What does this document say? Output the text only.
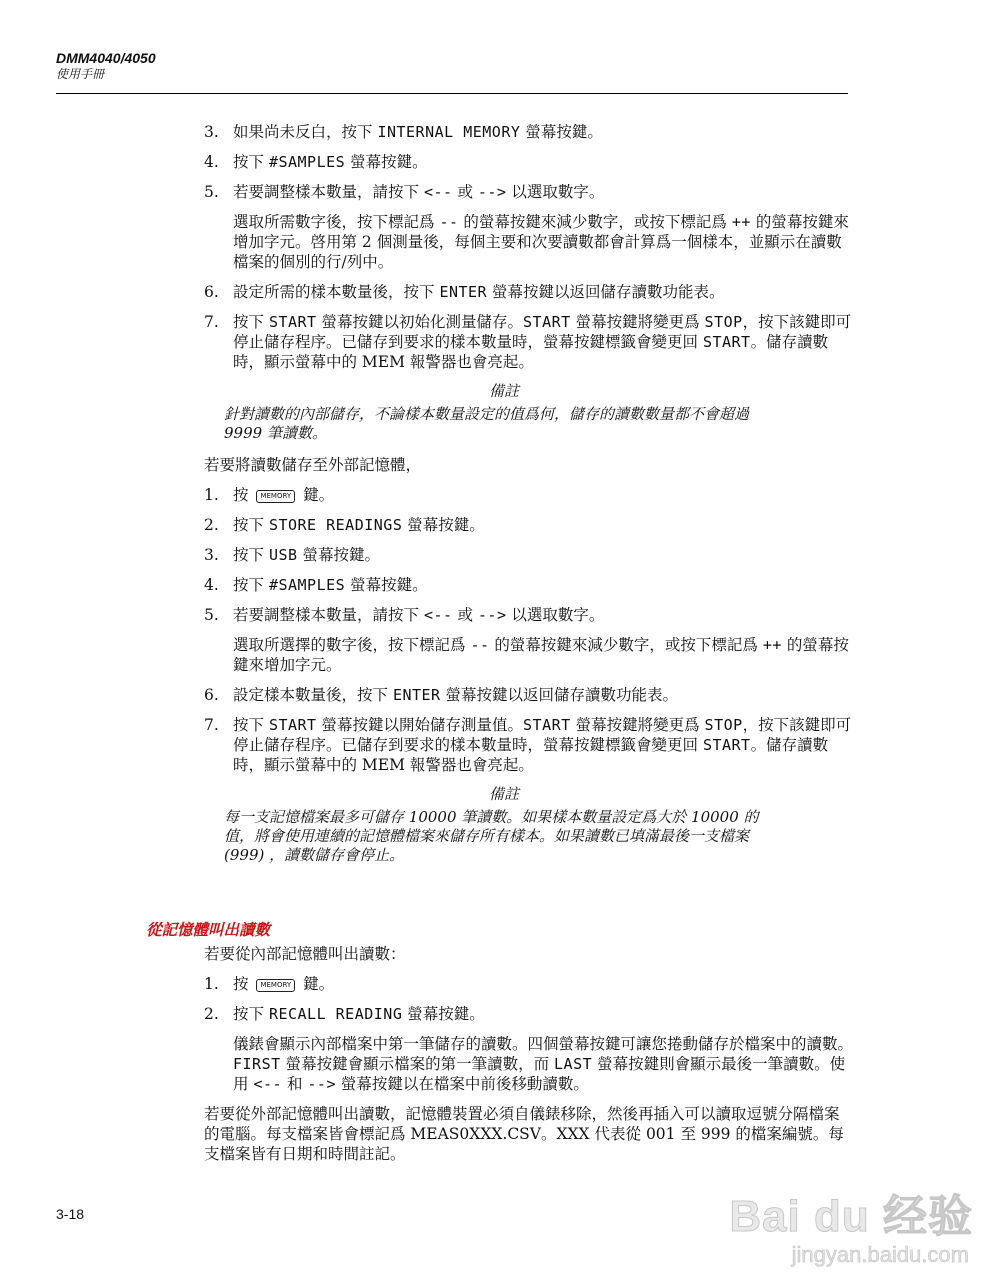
DMM4040/4050
使用手冊
3. 如果尚未反白，按下 INTERNAL MEMORY 螢幕按鍵。
4. 按下 #SAMPLES 螢幕按鍵。
5. 若要調整樣本數量，請按下 <-- 或 --> 以選取數字。
選取所需數字後，按下標記爲 -- 的螢幕按鍵來減少數字，或按下標記爲 ++ 的螢幕按鍵來增加字元。啓用第 2 個測量後，每個主要和次要讀數都會計算爲一個樣本，並顯示在讀數檔案的個別的行/列中。
6. 設定所需的樣本數量後，按下 ENTER 螢幕按鍵以返回儲存讀數功能表。
7. 按下 START 螢幕按鍵以初始化測量儲存。START 螢幕按鍵將變更爲 STOP，按下該鍵即可停止儲存程序。已儲存到要求的樣本數量時，螢幕按鍵標籤會變更回 START。儲存讀數時，顯示螢幕中的 MEM 報警器也會亮起。
備註
針對讀數的內部儲存，不論樣本數量設定的值爲何，儲存的讀數數量都不會超過 9999 筆讀數。
若要將讀數儲存至外部記憶體，
1. 按 MEMORY 鍵。
2. 按下 STORE READINGS 螢幕按鍵。
3. 按下 USB 螢幕按鍵。
4. 按下 #SAMPLES 螢幕按鍵。
5. 若要調整樣本數量，請按下 <-- 或 --> 以選取數字。
選取所選擇的數字後，按下標記爲 -- 的螢幕按鍵來減少數字，或按下標記爲 ++ 的螢幕按鍵來增加字元。
6. 設定樣本數量後，按下 ENTER 螢幕按鍵以返回儲存讀數功能表。
7. 按下 START 螢幕按鍵以開始儲存測量值。START 螢幕按鍵將變更爲 STOP，按下該鍵即可停止儲存程序。已儲存到要求的樣本數量時，螢幕按鍵標籤會變更回 START。儲存讀數時，顯示螢幕中的 MEM 報警器也會亮起。
備註
每一支記憶檔案最多可儲存 10000 筆讀數。如果樣本數量設定爲大於 10000 的值，將會使用連續的記憶體檔案來儲存所有樣本。如果讀數已填滿最後一支檔案 (999) ，讀數儲存會停止。
從記憶體叫出讀數
若要從內部記憶體叫出讀數：
1. 按 MEMORY 鍵。
2. 按下 RECALL READING 螢幕按鍵。
儀錶會顯示內部檔案中第一筆儲存的讀數。四個螢幕按鍵可讓您捲動儲存於檔案中的讀數。FIRST 螢幕按鍵會顯示檔案的第一筆讀數，而 LAST 螢幕按鍵則會顯示最後一筆讀數。使用 <-- 和 --> 螢幕按鍵以在檔案中前後移動讀數。
若要從外部記憶體叫出讀數，記憶體裝置必須自儀錶移除，然後再插入可以讀取逗號分隔檔案的電腦。每支檔案皆會標記爲 MEAS0XXX.CSV。XXX 代表從 001 至 999 的檔案編號。每支檔案皆有日期和時間註記。
3-18	Bai du 经验
jingyan.baidu.com
